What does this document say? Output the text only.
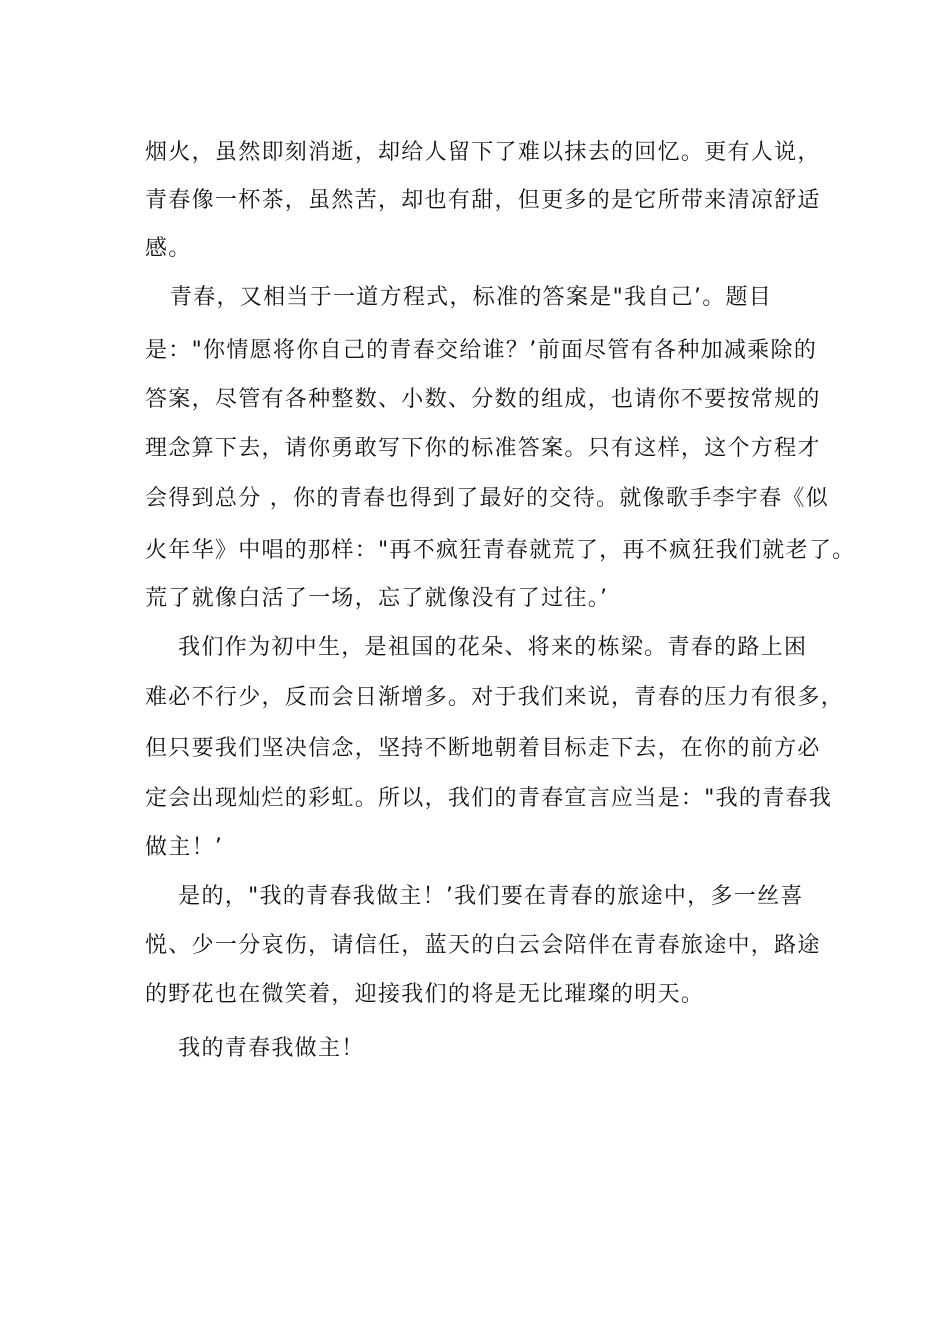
烟火，虽然即刻消逝，却给人留下了难以抹去的回忆。更有人说，
青春像一杯茶，虽然苦，却也有甜，但更多的是它所带来清凉舒适
感。
青春，又相当于一道方程式，标准的答案是"我自己’。题目
是："你情愿将你自己的青春交给谁？’前面尽管有各种加减乘除的
答案，尽管有各种整数、小数、分数的组成，也请你不要按常规的
理念算下去，请你勇敢写下你的标准答案。只有这样，这个方程才
会得到总分 ，你的青春也得到了最好的交待。就像歌手李宇春《似
火年华》中唱的那样："再不疯狂青春就荒了，再不疯狂我们就老了。
荒了就像白活了一场，忘了就像没有了过往。’
我们作为初中生，是祖国的花朵、将来的栋梁。青春的路上困
难必不行少，反而会日渐增多。对于我们来说，青春的压力有很多，
但只要我们坚决信念，坚持不断地朝着目标走下去，在你的前方必
定会出现灿烂的彩虹。所以，我们的青春宣言应当是："我的青春我
做主！’
是的，"我的青春我做主！’我们要在青春的旅途中，多一丝喜
悦、少一分哀伤，请信任，蓝天的白云会陪伴在青春旅途中，路途
的野花也在微笑着，迎接我们的将是无比璀璨的明天。
我的青春我做主！
